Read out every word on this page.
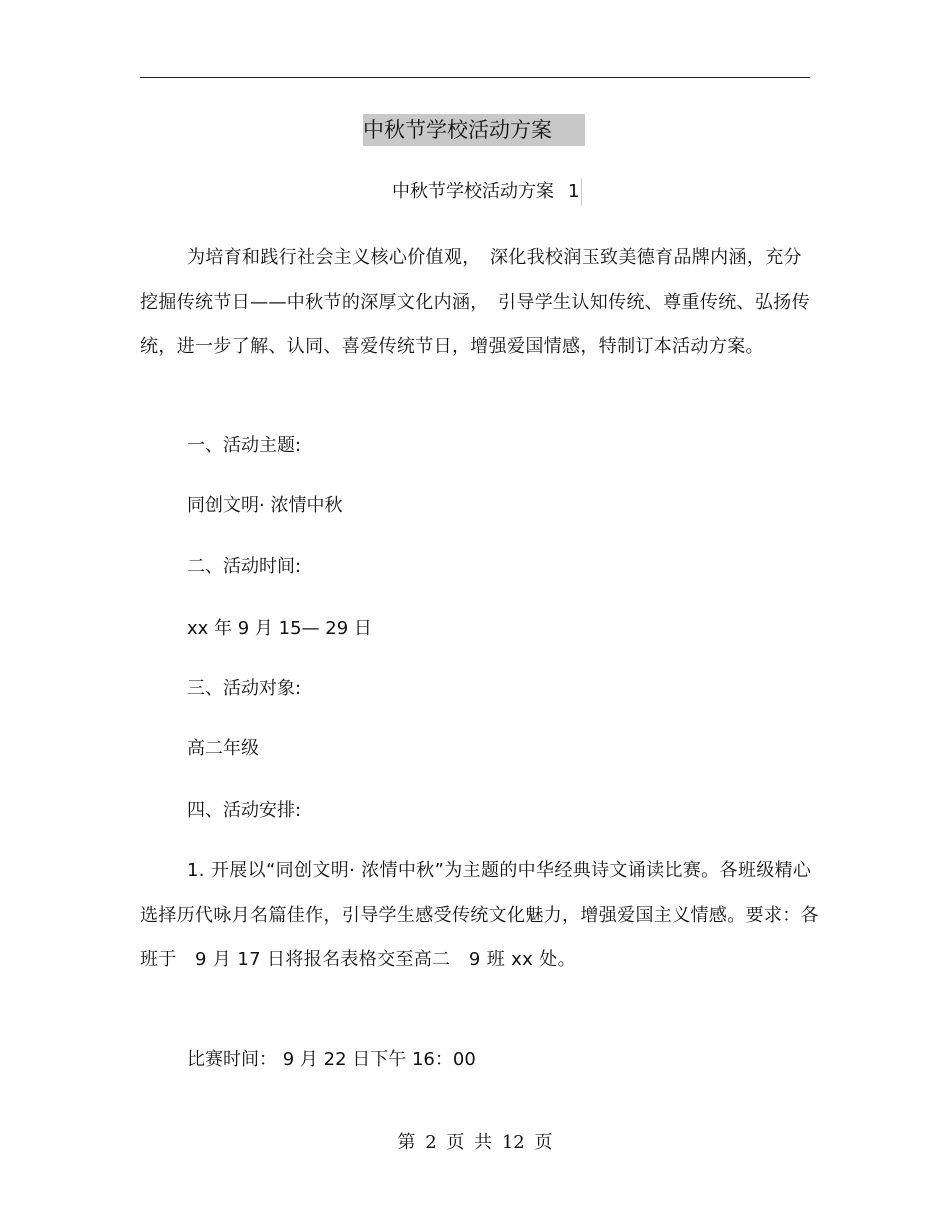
中秋节学校活动方案
中秋节学校活动方案 1

为培育和践行社会主义核心价值观，　深化我校润玉致美德育品牌内涵，充分挖掘传统节日——中秋节的深厚文化内涵，　引导学生认知传统、尊重传统、弘扬传统，进一步了解、认同、喜爱传统节日，增强爱国情感，特制订本活动方案。

一、活动主题:

同创文明· 浓情中秋

二、活动时间:

xx 年 9 月 15— 29 日

三、活动对象:

高二年级

四、活动安排:

1. 开展以“同创文明· 浓情中秋”为主题的中华经典诗文诵读比赛。各班级精心选择历代咏月名篇佳作，引导学生感受传统文化魅力，增强爱国主义情感。要求：各班于　9 月 17 日将报名表格交至高二　9 班 xx 处。

比赛时间： 9 月 22 日下午 16：00

第 2 页 共 12 页
